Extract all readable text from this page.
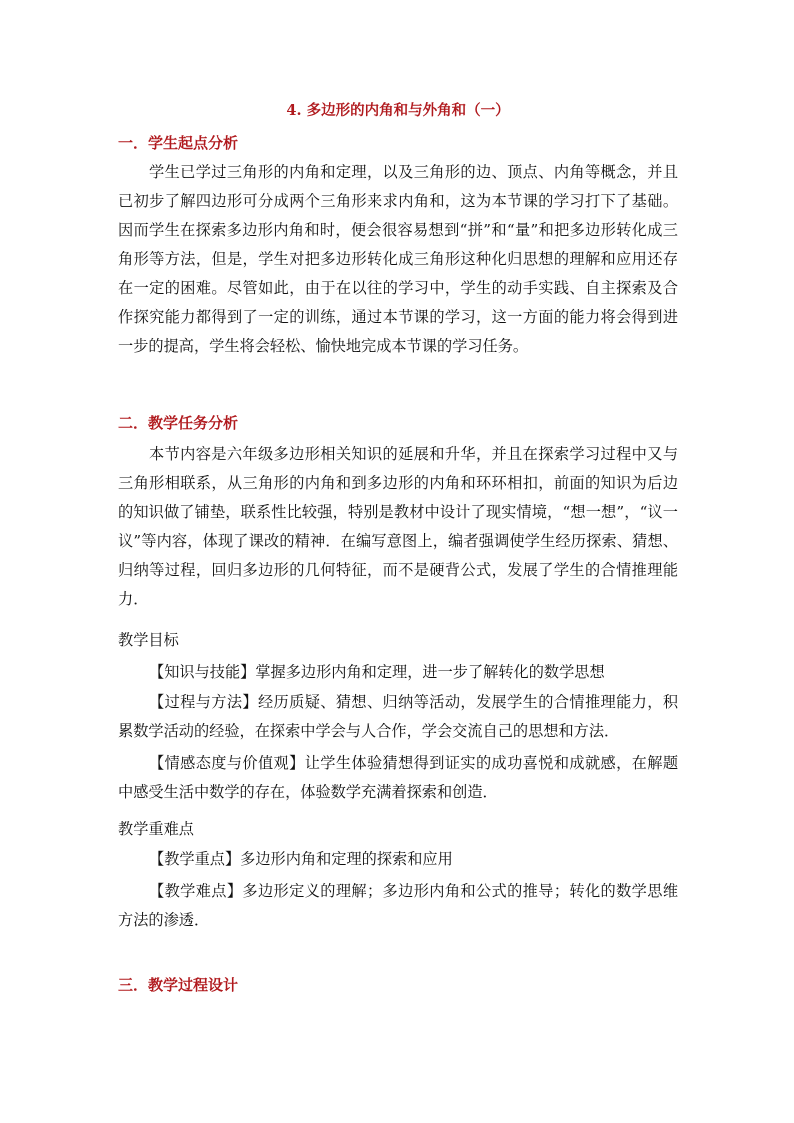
4. 多边形的内角和与外角和（一）
一．学生起点分析
学生已学过三角形的内角和定理，以及三角形的边、顶点、内角等概念，并且已初步了解四边形可分成两个三角形来求内角和，这为本节课的学习打下了基础。因而学生在探索多边形内角和时，便会很容易想到“拼”和“量”和把多边形转化成三角形等方法，但是，学生对把多边形转化成三角形这种化归思想的理解和应用还存在一定的困难。尽管如此，由于在以往的学习中，学生的动手实践、自主探索及合作探究能力都得到了一定的训练，通过本节课的学习，这一方面的能力将会得到进一步的提高，学生将会轻松、愉快地完成本节课的学习任务。
二．教学任务分析
本节内容是六年级多边形相关知识的延展和升华，并且在探索学习过程中又与三角形相联系，从三角形的内角和到多边形的内角和环环相扣，前面的知识为后边的知识做了铺垫，联系性比较强，特别是教材中设计了现实情境，“想一想”，“议一议”等内容，体现了课改的精神．在编写意图上，编者强调使学生经历探索、猜想、归纳等过程，回归多边形的几何特征，而不是硬背公式，发展了学生的合情推理能力．
教学目标
【知识与技能】掌握多边形内角和定理，进一步了解转化的数学思想
【过程与方法】经历质疑、猜想、归纳等活动，发展学生的合情推理能力，积累数学活动的经验，在探索中学会与人合作，学会交流自己的思想和方法．
【情感态度与价值观】让学生体验猜想得到证实的成功喜悦和成就感，在解题中感受生活中数学的存在，体验数学充满着探索和创造．
教学重难点
【教学重点】多边形内角和定理的探索和应用
【教学难点】多边形定义的理解；多边形内角和公式的推导；转化的数学思维方法的渗透．
三．教学过程设计
